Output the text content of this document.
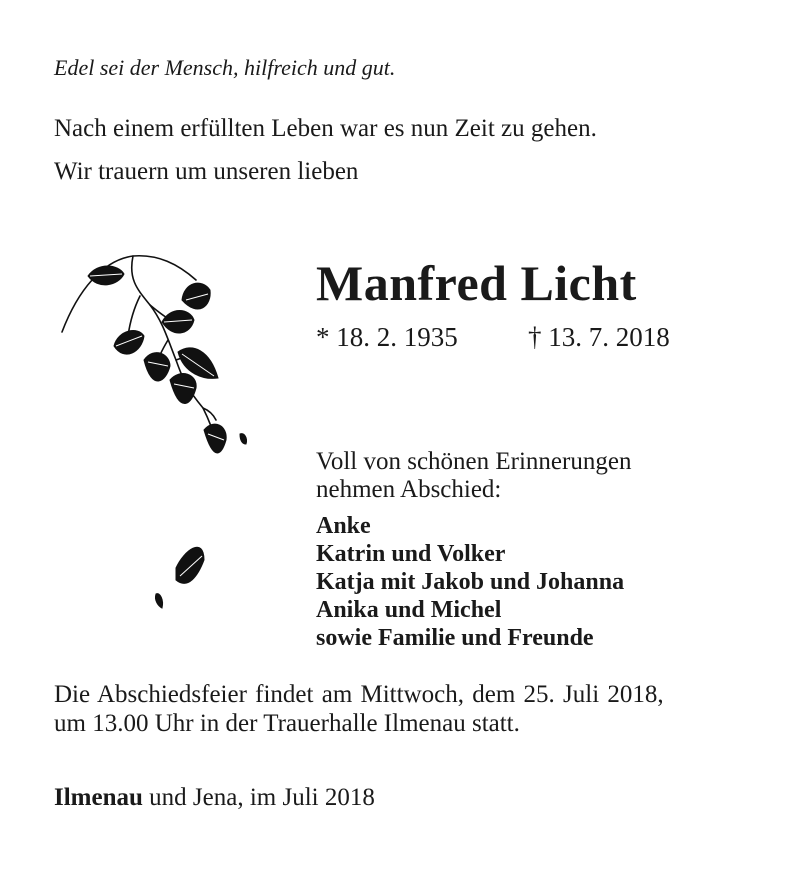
Edel sei der Mensch, hilfreich und gut.
Nach einem erfüllten Leben war es nun Zeit zu gehen.
Wir trauern um unseren lieben
Manfred Licht
* 18. 2. 1935	† 13. 7. 2018
Voll von schönen Erinnerungen
nehmen Abschied:
Anke
Katrin und Volker
Katja mit Jakob und Johanna
Anika und Michel
sowie Familie und Freunde
Die Abschiedsfeier findet am Mittwoch, dem 25. Juli 2018,
um 13.00 Uhr in der Trauerhalle Ilmenau statt.
Ilmenau und Jena, im Juli 2018
